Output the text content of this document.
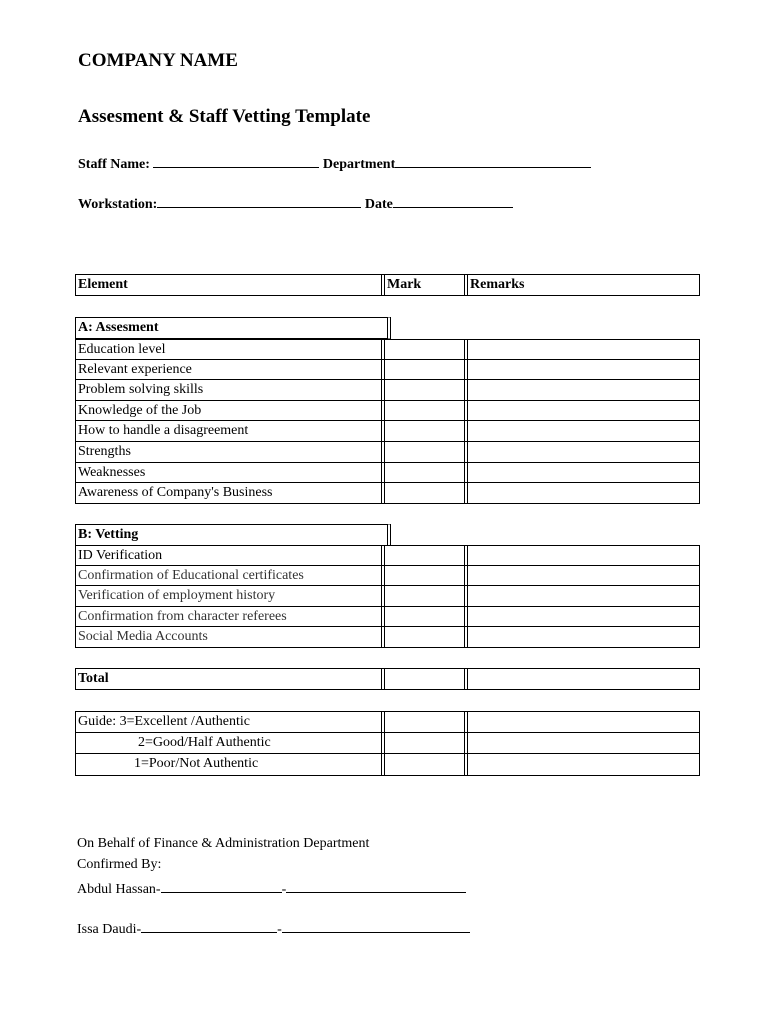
COMPANY NAME
Assesment & Staff Vetting Template
Staff Name:	Department
Workstation:	Date
Element	Mark	Remarks
A: Assesment
Education level
Relevant experience
Problem solving skills
Knowledge of the Job
How to handle a disagreement
Strengths
Weaknesses
Awareness of Company's Business
B: Vetting
ID Verification
Confirmation of Educational certificates
Verification of employment history
Confirmation from character referees
Social Media Accounts
Total
Guide: 3=Excellent /Authentic
2=Good/Half Authentic
1=Poor/Not Authentic
On Behalf of Finance & Administration Department
Confirmed By:
Abdul Hassan-	-
Issa Daudi-	-
